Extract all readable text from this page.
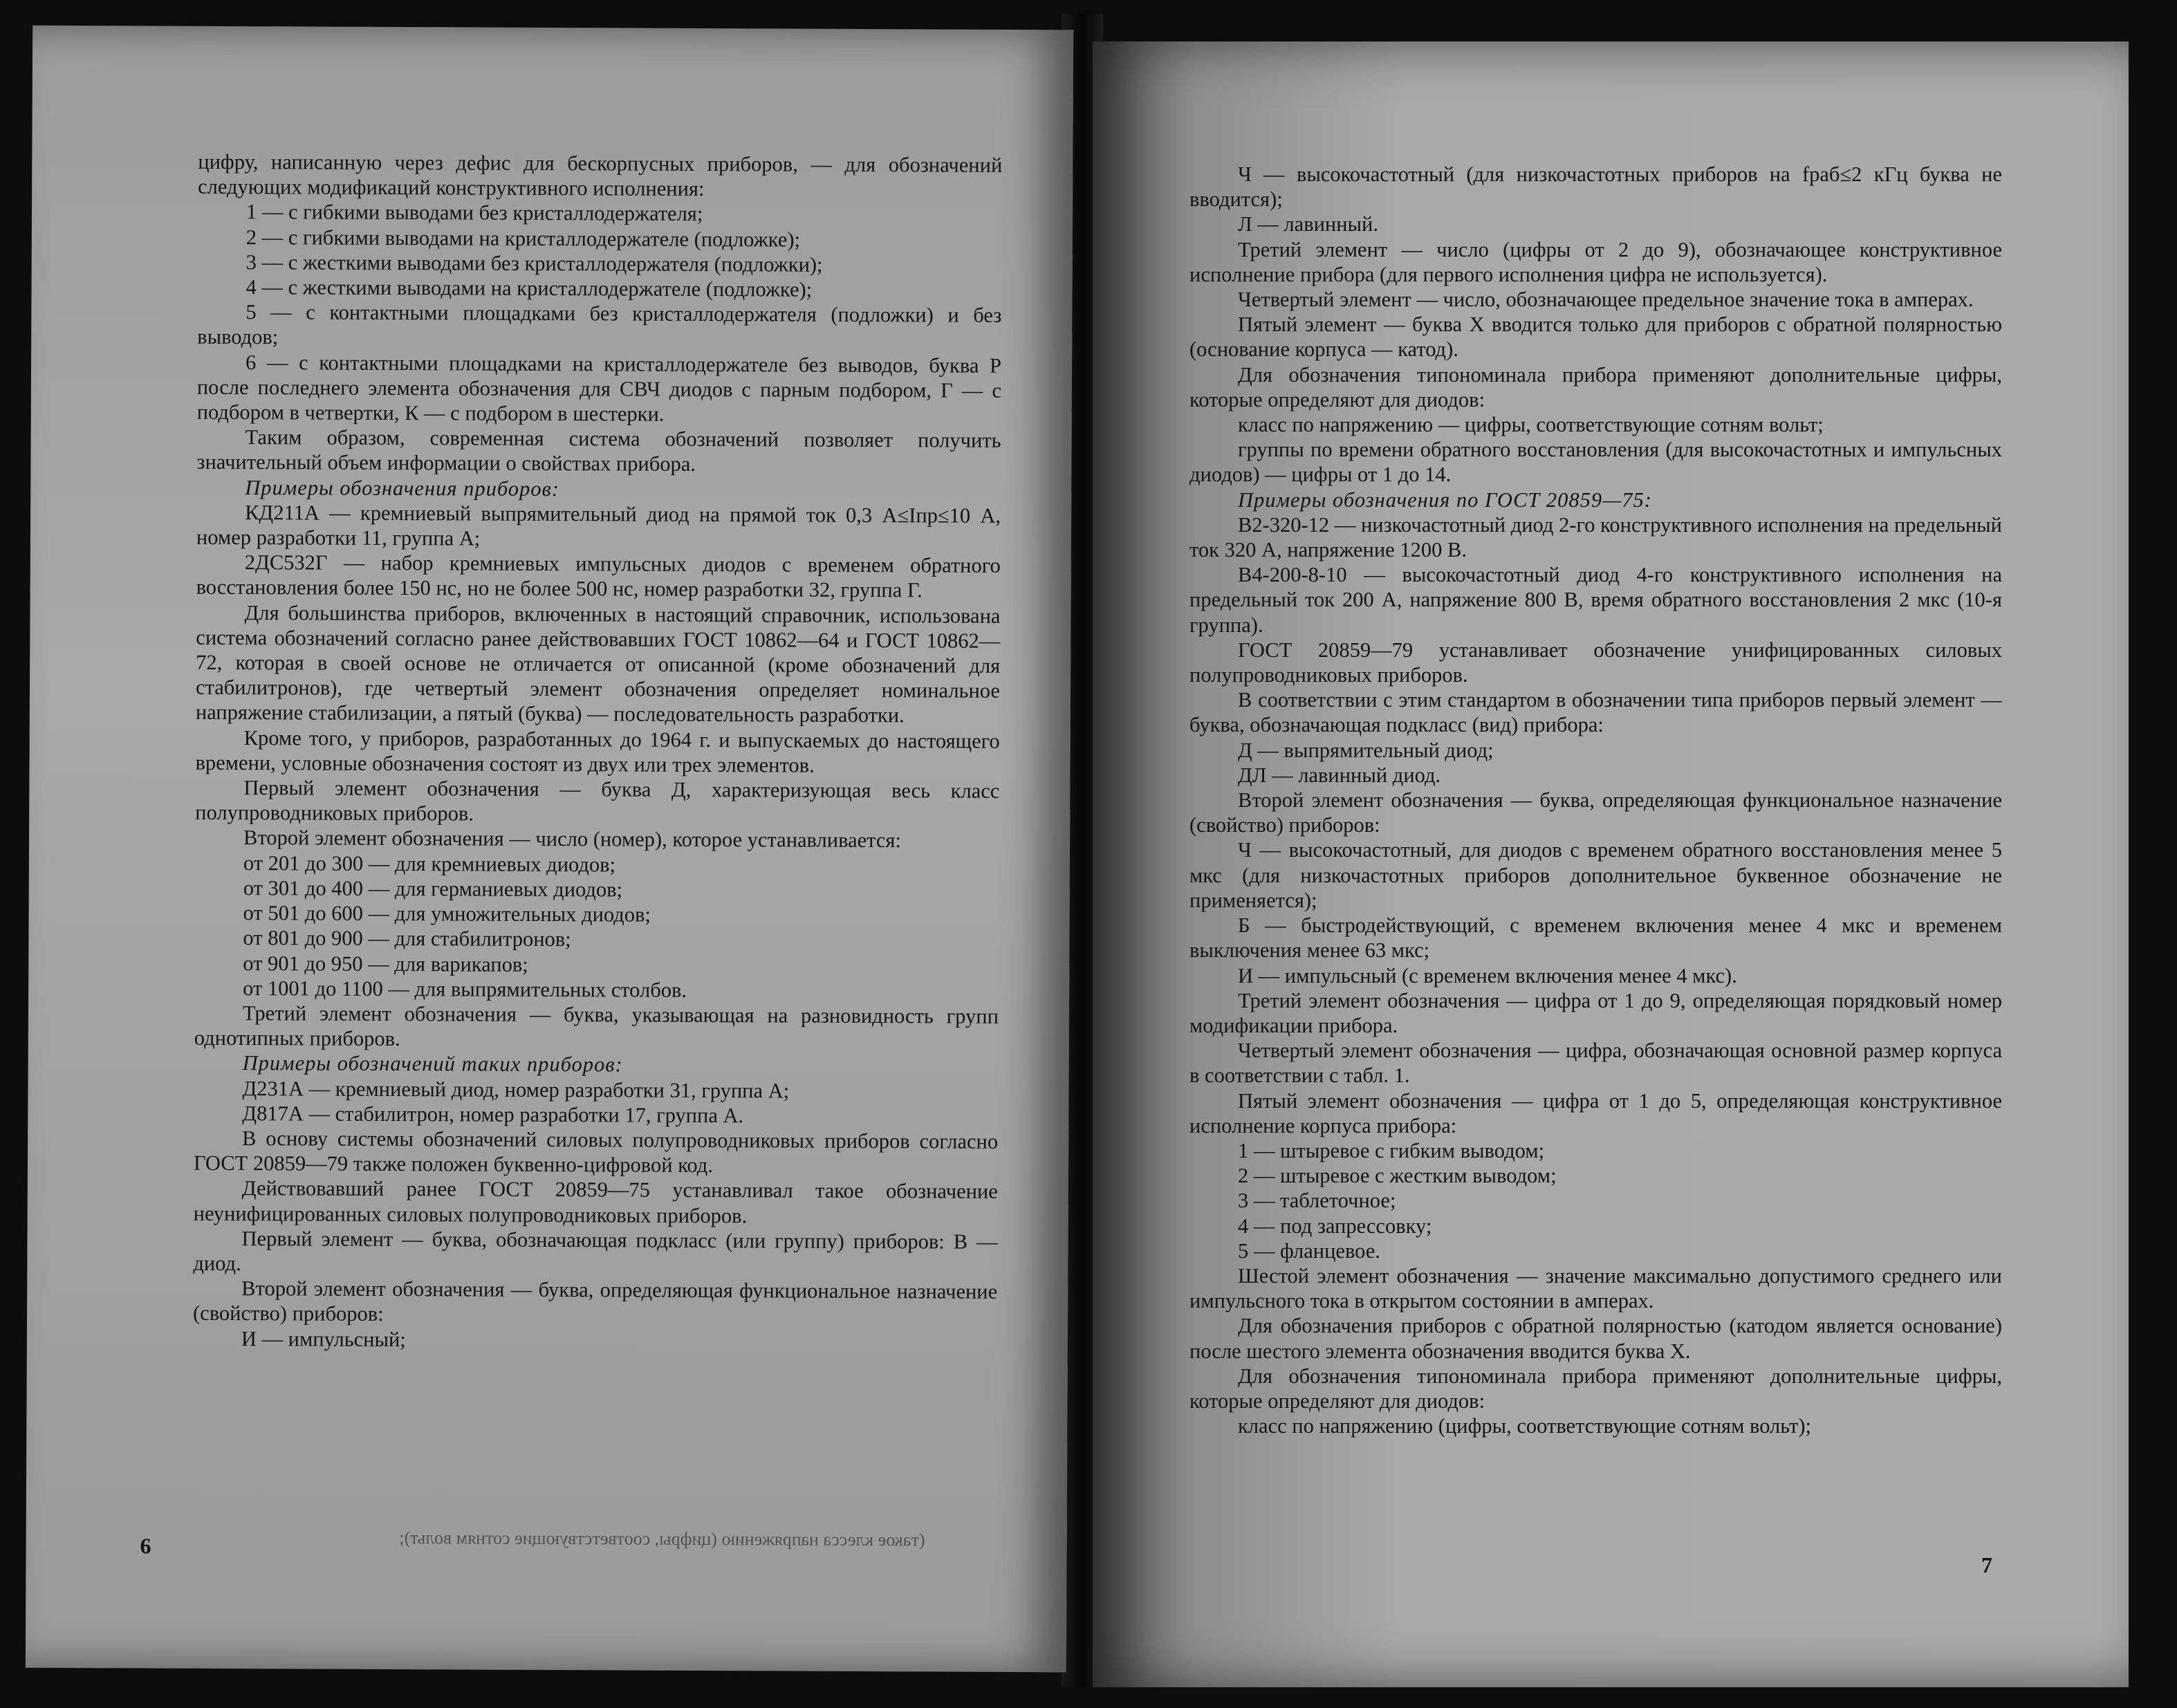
цифру, написанную через дефис для бескорпусных приборов, — для обозначений следующих модификаций конструктивного исполнения:

1 — с гибкими выводами без кристаллодержателя;

2 — с гибкими выводами на кристаллодержателе (подложке);

3 — с жесткими выводами без кристаллодержателя (подложки);

4 — с жесткими выводами на кристаллодержателе (подложке);

5 — с контактными площадками без кристаллодержателя (подложки) и без выводов;

6 — с контактными площадками на кристаллодержателе без выводов, буква Р после последнего элемента обозначения для СВЧ диодов с парным подбором, Г — с подбором в четвертки, К — с подбором в шестерки.

Таким образом, современная система обозначений позволяет получить значительный объем информации о свойствах прибора.

Примеры обозначения приборов:

КД211А — кремниевый выпрямительный диод на прямой ток 0,3 А≤Iпр≤10 А, номер разработки 11, группа А;

2ДС532Г — набор кремниевых импульсных диодов с временем обратного восстановления более 150 нс, но не более 500 нс, номер разработки 32, группа Г.

Для большинства приборов, включенных в настоящий справочник, использована система обозначений согласно ранее действовавших ГОСТ 10862—64 и ГОСТ 10862—72, которая в своей основе не отличается от описанной (кроме обозначений для стабилитронов), где четвертый элемент обозначения определяет номинальное напряжение стабилизации, а пятый (буква) — последовательность разработки.

Кроме того, у приборов, разработанных до 1964 г. и выпускаемых до настоящего времени, условные обозначения состоят из двух или трех элементов.

Первый элемент обозначения — буква Д, характеризующая весь класс полупроводниковых приборов.

Второй элемент обозначения — число (номер), которое устанавливается:

от 201 до 300 — для кремниевых диодов;

от 301 до 400 — для германиевых диодов;

от 501 до 600 — для умножительных диодов;

от 801 до 900 — для стабилитронов;

от 901 до 950 — для варикапов;

от 1001 до 1100 — для выпрямительных столбов.

Третий элемент обозначения — буква, указывающая на разновидность групп однотипных приборов.

Примеры обозначений таких приборов:

Д231А — кремниевый диод, номер разработки 31, группа А;

Д817А — стабилитрон, номер разработки 17, группа А.

В основу системы обозначений силовых полупроводниковых приборов согласно ГОСТ 20859—79 также положен буквенно-цифровой код.

Действовавший ранее ГОСТ 20859—75 устанавливал такое обозначение неунифицированных силовых полупроводниковых приборов.

Первый элемент — буква, обозначающая подкласс (или группу) приборов: В — диод.

Второй элемент обозначения — буква, определяющая функциональное назначение (свойство) приборов:

И — импульсный;

(такое клесса напряжению (цифры, соответствующие сотням вольт);
6

Ч — высокочастотный (для низкочастотных приборов на fраб≤2 кГц буква не вводится);

Л — лавинный.

Третий элемент — число (цифры от 2 до 9), обозначающее конструктивное исполнение прибора (для первого исполнения цифра не используется).

Четвертый элемент — число, обозначающее предельное значение тока в амперах.

Пятый элемент — буква Х вводится только для приборов с обратной полярностью (основание корпуса — катод).

Для обозначения типономинала прибора применяют дополнительные цифры, которые определяют для диодов:

класс по напряжению — цифры, соответствующие сотням вольт;

группы по времени обратного восстановления (для высокочастотных и импульсных диодов) — цифры от 1 до 14.

Примеры обозначения по ГОСТ 20859—75:

В2-320-12 — низкочастотный диод 2-го конструктивного исполнения на предельный ток 320 А, напряжение 1200 В.

В4-200-8-10 — высокочастотный диод 4-го конструктивного исполнения на предельный ток 200 А, напряжение 800 В, время обратного восстановления 2 мкс (10-я группа).

ГОСТ 20859—79 устанавливает обозначение унифицированных силовых полупроводниковых приборов.

В соответствии с этим стандартом в обозначении типа приборов первый элемент — буква, обозначающая подкласс (вид) прибора:

Д — выпрямительный диод;

ДЛ — лавинный диод.

Второй элемент обозначения — буква, определяющая функциональное назначение (свойство) приборов:

Ч — высокочастотный, для диодов с временем обратного восстановления менее 5 мкс (для низкочастотных приборов дополнительное буквенное обозначение не применяется);

Б — быстродействующий, с временем включения менее 4 мкс и временем выключения менее 63 мкс;

И — импульсный (с временем включения менее 4 мкс).

Третий элемент обозначения — цифра от 1 до 9, определяющая порядковый номер модификации прибора.

Четвертый элемент обозначения — цифра, обозначающая основной размер корпуса в соответствии с табл. 1.

Пятый элемент обозначения — цифра от 1 до 5, определяющая конструктивное исполнение корпуса прибора:

1 — штыревое с гибким выводом;

2 — штыревое с жестким выводом;

3 — таблеточное;

4 — под запрессовку;

5 — фланцевое.

Шестой элемент обозначения — значение максимально допустимого среднего или импульсного тока в открытом состоянии в амперах.

Для обозначения приборов с обратной полярностью (катодом является основание) после шестого элемента обозначения вводится буква Х.

Для обозначения типономинала прибора применяют дополнительные цифры, которые определяют для диодов:

класс по напряжению (цифры, соответствующие сотням вольт);

7
